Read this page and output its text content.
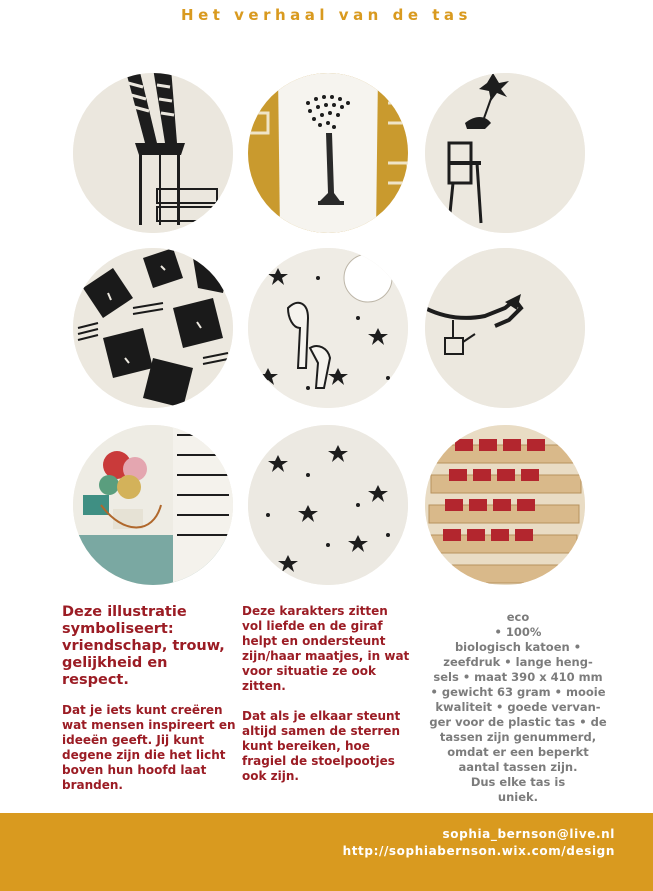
Het verhaal van de tas
Deze illustratie symboliseert: vriendschap, trouw, gelijkheid en respect.
Dat je iets kunt creëren wat mensen inspireert en ideeën geeft. Jij kunt degene zijn die het licht boven hun hoofd laat branden.
Deze karakters zitten vol liefde en de giraf helpt en ondersteunt zijn/haar maatjes, in wat voor situatie ze ook zitten.
Dat als je elkaar steunt altijd samen de sterren kunt bereiken, hoe fragiel de stoelpootjes ook zijn.
eco
• 100%
biologisch katoen •
zeefdruk • lange heng-
sels • maat 390 x 410 mm
• gewicht 63 gram • mooie
kwaliteit • goede vervan-
ger voor de plastic tas • de
tassen zijn genummerd,
omdat er een beperkt
aantal tassen zijn.
Dus elke tas is
uniek.
sophia_bernson@live.nl
http://sophiabernson.wix.com/design
